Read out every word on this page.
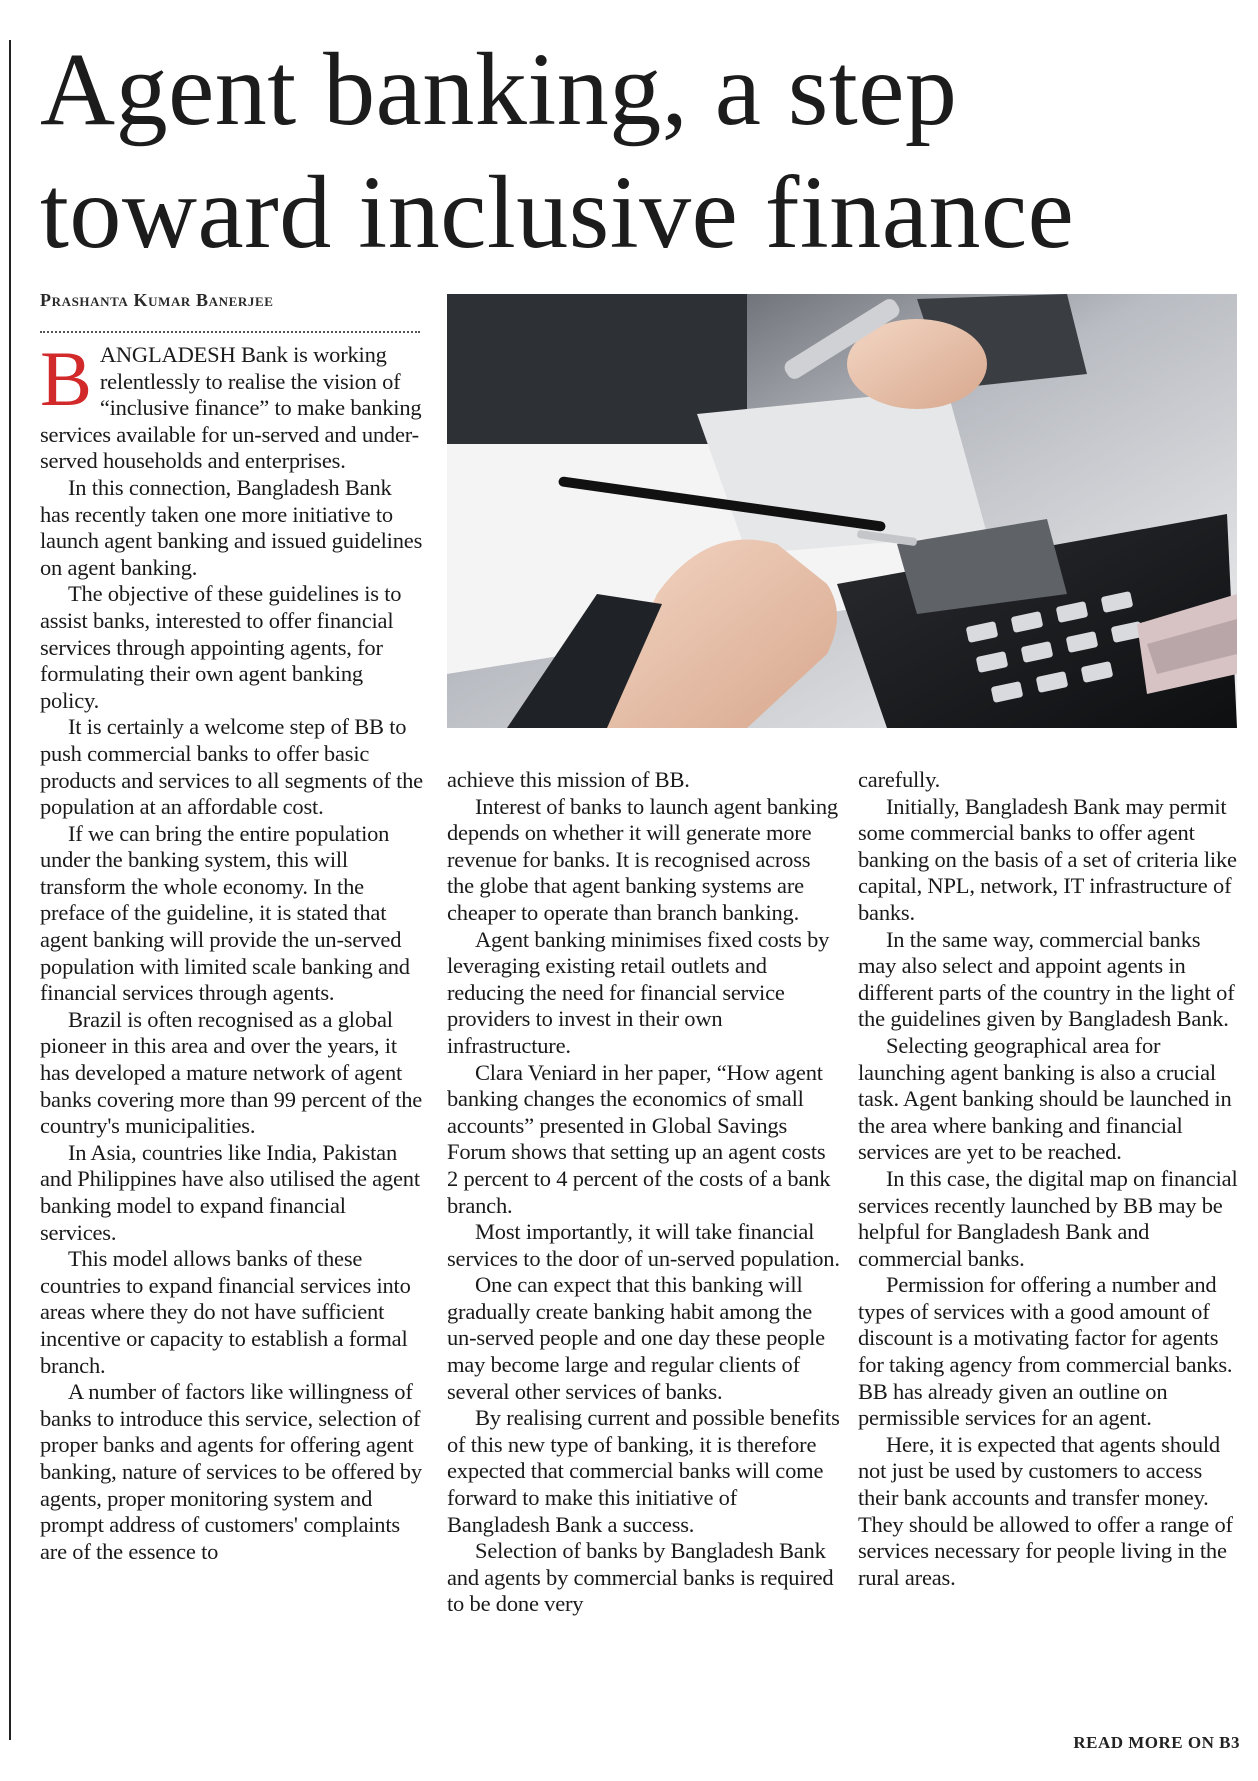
Agent banking, a step
toward inclusive finance

Prashanta Kumar Banerjee

BANGLADESH Bank is working relentlessly to realise the vision of “inclusive finance” to make banking services available for un-served and under-served households and enterprises.

In this connection, Bangladesh Bank has recently taken one more initiative to launch agent banking and issued guidelines on agent banking.

The objective of these guidelines is to assist banks, interested to offer financial services through appointing agents, for formulating their own agent banking policy.

It is certainly a welcome step of BB to push commercial banks to offer basic products and services to all segments of the population at an affordable cost.

If we can bring the entire population under the banking system, this will transform the whole economy. In the preface of the guideline, it is stated that agent banking will provide the un-served population with limited scale banking and financial services through agents.

Brazil is often recognised as a global pioneer in this area and over the years, it has developed a mature network of agent banks covering more than 99 percent of the country's municipalities.

In Asia, countries like India, Pakistan and Philippines have also utilised the agent banking model to expand financial services.

This model allows banks of these countries to expand financial services into areas where they do not have sufficient incentive or capacity to establish a formal branch.

A number of factors like willingness of banks to introduce this service, selection of proper banks and agents for offering agent banking, nature of services to be offered by agents, proper monitoring system and prompt address of customers' complaints are of the essence to

achieve this mission of BB.

Interest of banks to launch agent banking depends on whether it will generate more revenue for banks. It is recognised across the globe that agent banking systems are cheaper to operate than branch banking.

Agent banking minimises fixed costs by leveraging existing retail outlets and reducing the need for financial service providers to invest in their own infrastructure.

Clara Veniard in her paper, “How agent banking changes the economics of small accounts” presented in Global Savings Forum shows that setting up an agent costs 2 percent to 4 percent of the costs of a bank branch.

Most importantly, it will take financial services to the door of un-served population.

One can expect that this banking will gradually create banking habit among the un-served people and one day these people may become large and regular clients of several other services of banks.

By realising current and possible benefits of this new type of banking, it is therefore expected that commercial banks will come forward to make this initiative of Bangladesh Bank a success.

Selection of banks by Bangladesh Bank and agents by commercial banks is required to be done very

carefully.

Initially, Bangladesh Bank may permit some commercial banks to offer agent banking on the basis of a set of criteria like capital, NPL, network, IT infrastructure of banks.

In the same way, commercial banks may also select and appoint agents in different parts of the country in the light of the guidelines given by Bangladesh Bank.

Selecting geographical area for launching agent banking is also a crucial task. Agent banking should be launched in the area where banking and financial services are yet to be reached.

In this case, the digital map on financial services recently launched by BB may be helpful for Bangladesh Bank and commercial banks.

Permission for offering a number and types of services with a good amount of discount is a motivating factor for agents for taking agency from commercial banks. BB has already given an outline on permissible services for an agent.

Here, it is expected that agents should not just be used by customers to access their bank accounts and transfer money. They should be allowed to offer a range of services necessary for people living in the rural areas.

READ MORE ON B3
